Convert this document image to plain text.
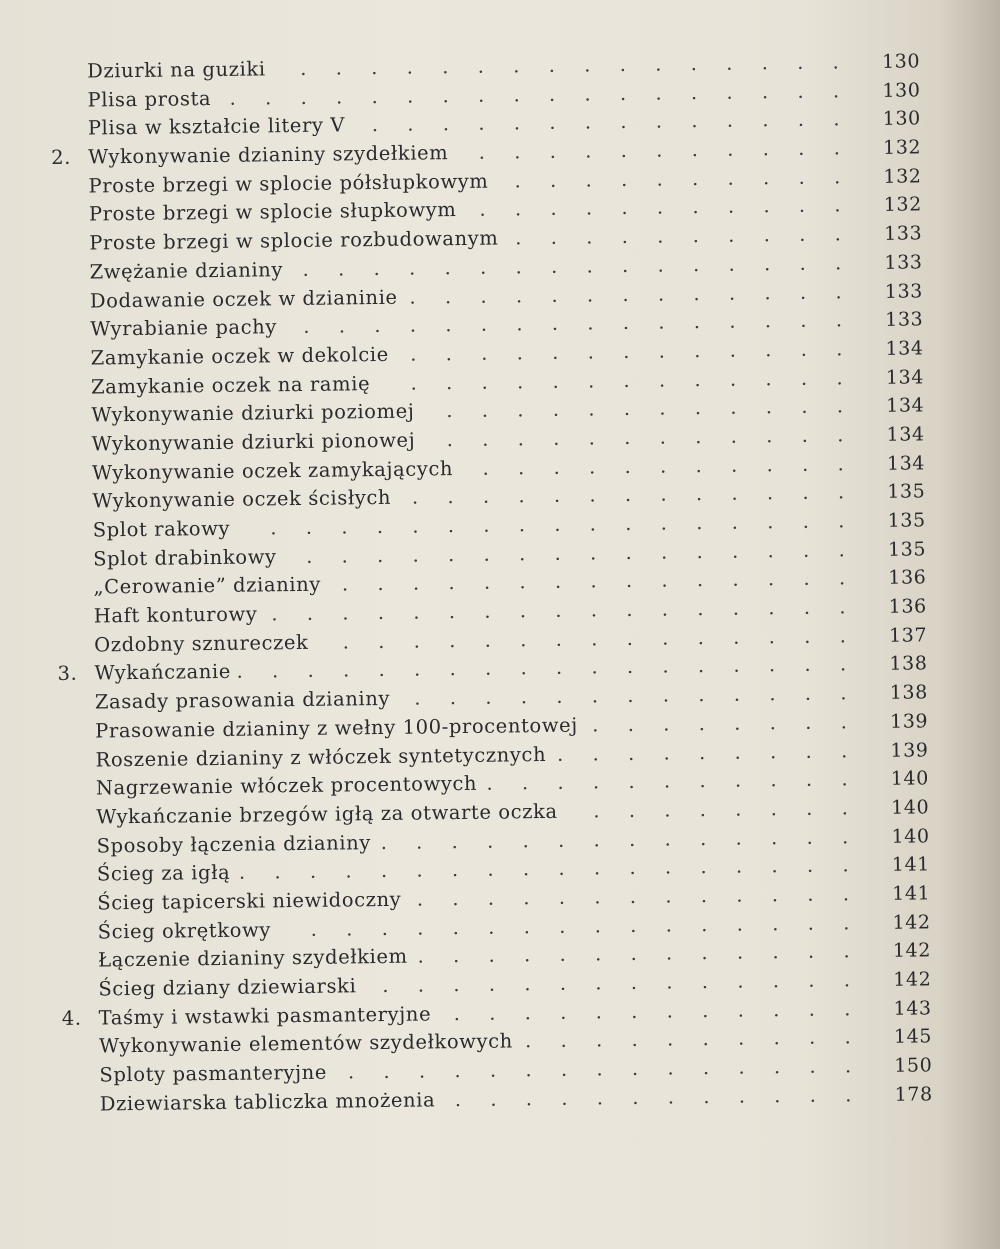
. . . . . . . . . . . . . . . .
Dziurki na guziki	130
. . . . . . . . . . . . . . . . . .
Plisa prosta	130
. . . . . . . . . . . . . .
Plisa w kształcie litery V	130
. . . . . . . . . . .
2. Wykonywanie dzianiny szydełkiem	132
. . . . . . . . . .
Proste brzegi w splocie półsłupkowym	132
. . . . . . . . . . .
Proste brzegi w splocie słupkowym	132
. . . . . . . . . .
Proste brzegi w splocie rozbudowanym	133
. . . . . . . . . . . . . . . .
Zwężanie dzianiny	133
. . . . . . . . . . . . .
Dodawanie oczek w dzianinie	133
. . . . . . . . . . . . . . . .
Wyrabianie pachy	133
. . . . . . . . . . . . .
Zamykanie oczek w dekolcie	134
. . . . . . . . . . . . .
Zamykanie oczek na ramię	134
. . . . . . . . . . . .
Wykonywanie dziurki poziomej	134
. . . . . . . . . . . .
Wykonywanie dziurki pionowej	134
. . . . . . . . . . .
Wykonywanie oczek zamykających	134
. . . . . . . . . . . . .
Wykonywanie oczek ścisłych	135
. . . . . . . . . . . . . . . . .
Splot rakowy	135
. . . . . . . . . . . . . . . .
Splot drabinkowy	135
. . . . . . . . . . . . . . .
„Cerowanie” dzianiny	136
. . . . . . . . . . . . . . . . .
Haft konturowy	136
. . . . . . . . . . . . . . .
Ozdobny sznureczek	137
. . . . . . . . . . . . . . . . . .
3. Wykańczanie	138
. . . . . . . . . . . . .
Zasady prasowania dzianiny	138
. . . . . . . .
Prasowanie dzianiny z wełny 100-procentowej	139
. . . . . . . . .
Roszenie dzianiny z włóczek syntetycznych	139
. . . . . . . . . . .
Nagrzewanie włóczek procentowych	140
. . . . . . . .
Wykańczanie brzegów igłą za otwarte oczka	140
. . . . . . . . . . . . . .
Sposoby łączenia dzianiny	140
. . . . . . . . . . . . . . . . . .
Ścieg za igłą	141
. . . . . . . . . . . . .
Ścieg tapicerski niewidoczny	141
. . . . . . . . . . . . . . . .
Ścieg okrętkowy	142
. . . . . . . . . . . . .
Łączenie dzianiny szydełkiem	142
. . . . . . . . . . . . . .
Ścieg dziany dziewiarski	142
. . . . . . . . . . . .
4. Taśmy i wstawki pasmanteryjne	143
. . . . . . . . . .
Wykonywanie elementów szydełkowych	145
. . . . . . . . . . . . . . .
Sploty pasmanteryjne	150
. . . . . . . . . . . .
Dziewiarska tabliczka mnożenia	178
